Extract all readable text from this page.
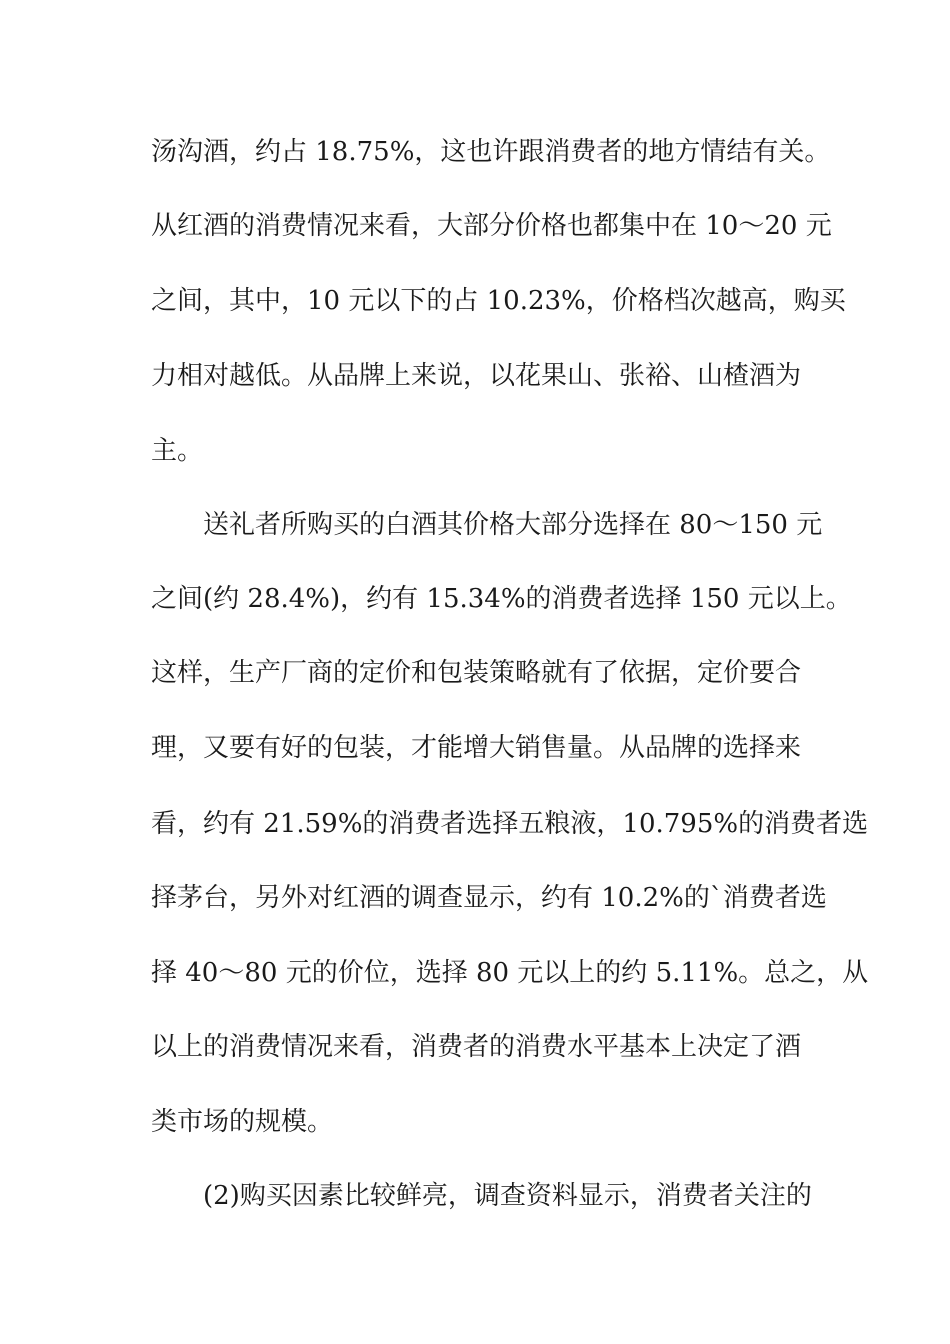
汤沟酒，约占 18.75%，这也许跟消费者的地方情结有关。
从红酒的消费情况来看，大部分价格也都集中在 10～20 元
之间，其中，10 元以下的占 10.23%，价格档次越高，购买
力相对越低。从品牌上来说，以花果山、张裕、山楂酒为
主。
送礼者所购买的白酒其价格大部分选择在 80～150 元
之间(约 28.4%)，约有 15.34%的消费者选择 150 元以上。
这样，生产厂商的定价和包装策略就有了依据，定价要合
理，又要有好的包装，才能增大销售量。从品牌的选择来
看，约有 21.59%的消费者选择五粮液，10.795%的消费者选
择茅台，另外对红酒的调查显示，约有 10.2%的`消费者选
择 40～80 元的价位，选择 80 元以上的约 5.11%。总之，从
以上的消费情况来看，消费者的消费水平基本上决定了酒
类市场的规模。
(2)购买因素比较鲜亮，调查资料显示，消费者关注的
